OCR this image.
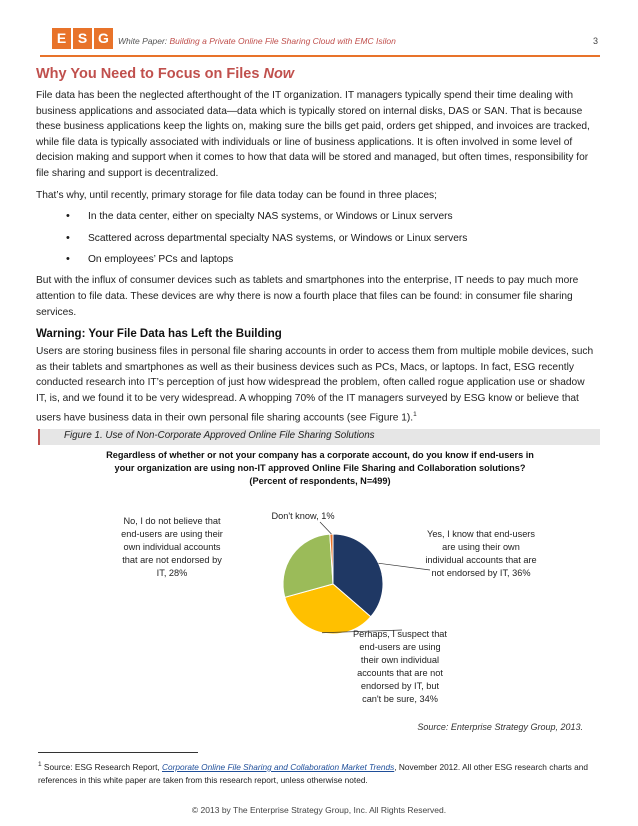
E S G	White Paper: Building a Private Online File Sharing Cloud with EMC Isilon	3
Why You Need to Focus on Files Now

File data has been the neglected afterthought of the IT organization. IT managers typically spend their time dealing with business applications and associated data—data which is typically stored on internal disks, DAS or SAN. That is because these business applications keep the lights on, making sure the bills get paid, orders get shipped, and invoices are tracked, while file data is typically associated with individuals or line of business applications. It is often involved in some level of decision making and support when it comes to how that data will be stored and managed, but often times, responsibility for file sharing and support is decentralized.

That’s why, until recently, primary storage for file data today can be found in three places;

• In the data center, either on specialty NAS systems, or Windows or Linux servers
• Scattered across departmental specialty NAS systems, or Windows or Linux servers
• On employees’ PCs and laptops

But with the influx of consumer devices such as tablets and smartphones into the enterprise, IT needs to pay much more attention to file data. These devices are why there is now a fourth place that files can be found: in consumer file sharing services.

Warning: Your File Data has Left the Building

Users are storing business files in personal file sharing accounts in order to access them from multiple mobile devices, such as their tablets and smartphones as well as their business devices such as PCs, Macs, or laptops. In fact, ESG recently conducted research into IT’s perception of just how widespread the problem, often called rogue application use or shadow IT, is, and we found it to be very widespread. A whopping 70% of the IT managers surveyed by ESG know or believe that users have business data in their own personal file sharing accounts (see Figure 1).$^1$

Figure 1. Use of Non-Corporate Approved Online File Sharing Solutions
Regardless of whether or not your company has a corporate account, do you know if end-users in your organization are using non-IT approved Online File Sharing and Collaboration solutions? (Percent of respondents, N=499)
Yes, I know that end-users are using their own individual accounts that are not endorsed by IT, 36%
Perhaps, I suspect that end-users are using their own individual accounts that are not endorsed by IT, but can't be sure, 34%
No, I do not believe that end-users are using their own individual accounts that are not endorsed by IT, 28%
Don't know, 1%
Source: Enterprise Strategy Group, 2013.
$^1$ Source: ESG Research Report, Corporate Online File Sharing and Collaboration Market Trends, November 2012. All other ESG research charts and references in this white paper are taken from this research report, unless otherwise noted.
© 2013 by The Enterprise Strategy Group, Inc. All Rights Reserved.
